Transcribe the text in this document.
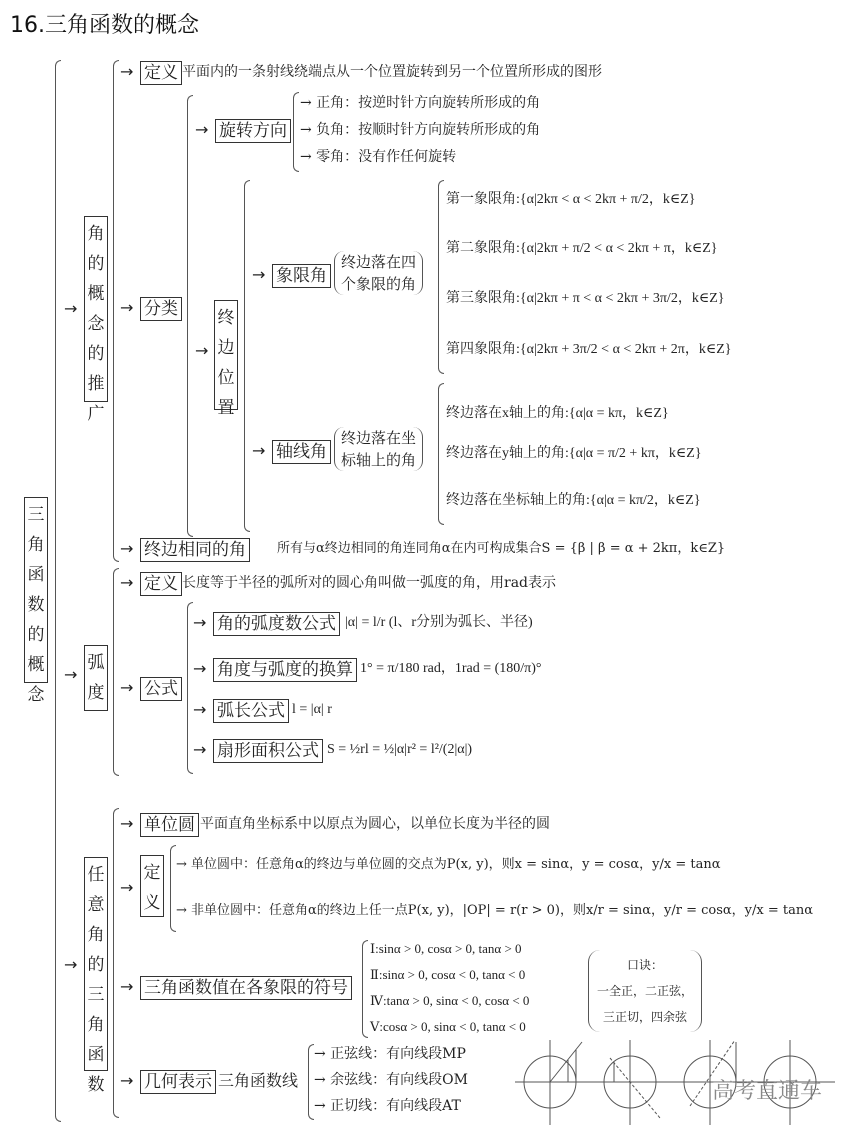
16.三角函数的概念
三角函数的概念
→
角的概念的推广
→ 定义 平面内的一条射线绕端点从一个位置旋转到另一个位置所形成的图形
→ 分类
→ 旋转方向
→ 正角：按逆时针方向旋转所形成的角
→ 负角：按顺时针方向旋转所形成的角
→ 零角：没有作任何旋转
→
终边位置
→ 象限角
终边落在四
个象限的角
第一象限角:{α|2kπ < α < 2kπ + π/2，k∈Z}
第二象限角:{α|2kπ + π/2 < α < 2kπ + π，k∈Z}
第三象限角:{α|2kπ + π < α < 2kπ + 3π/2，k∈Z}
第四象限角:{α|2kπ + 3π/2 < α < 2kπ + 2π，k∈Z}
→ 轴线角
终边落在坐
标轴上的角
终边落在x轴上的角:{α|α = kπ，k∈Z}
终边落在y轴上的角:{α|α = π/2 + kπ，k∈Z}
终边落在坐标轴上的角:{α|α = kπ/2，k∈Z}
→ 终边相同的角	所有与α终边相同的角连同角α在内可构成集合S = {β | β = α + 2kπ，k∈Z}
→
弧度
→ 定义 长度等于半径的弧所对的圆心角叫做一弧度的角，用rad表示
→ 公式
→ 角的弧度数公式 |α| = l/r (l、r分别为弧长、半径)
→ 角度与弧度的换算 1° = π/180 rad，1rad = (180/π)°
→ 弧长公式 l = |α| r
→ 扇形面积公式 S = ½rl = ½|α|r² = l²/(2|α|)
→
任意角的三角函数
→ 单位圆 平面直角坐标系中以原点为圆心，以单位长度为半径的圆
→
定义
→ 单位圆中：任意角α的终边与单位圆的交点为P(x, y)，则x = sinα，y = cosα，y/x = tanα
→ 非单位圆中：任意角α的终边上任一点P(x, y)，|OP| = r(r > 0)，则x/r = sinα，y/r = cosα，y/x = tanα
→ 三角函数值在各象限的符号
Ⅰ:sinα > 0, cosα > 0, tanα > 0
Ⅱ:sinα > 0, cosα < 0, tanα < 0
Ⅳ:tanα > 0, sinα < 0, cosα < 0
Ⅴ:cosα > 0, sinα < 0, tanα < 0
口诀：
一全正，二正弦，
三正切，四余弦
→ 几何表示 三角函数线
→ 正弦线：有向线段MP
→ 余弦线：有向线段OM
→ 正切线：有向线段AT
高考直通车
